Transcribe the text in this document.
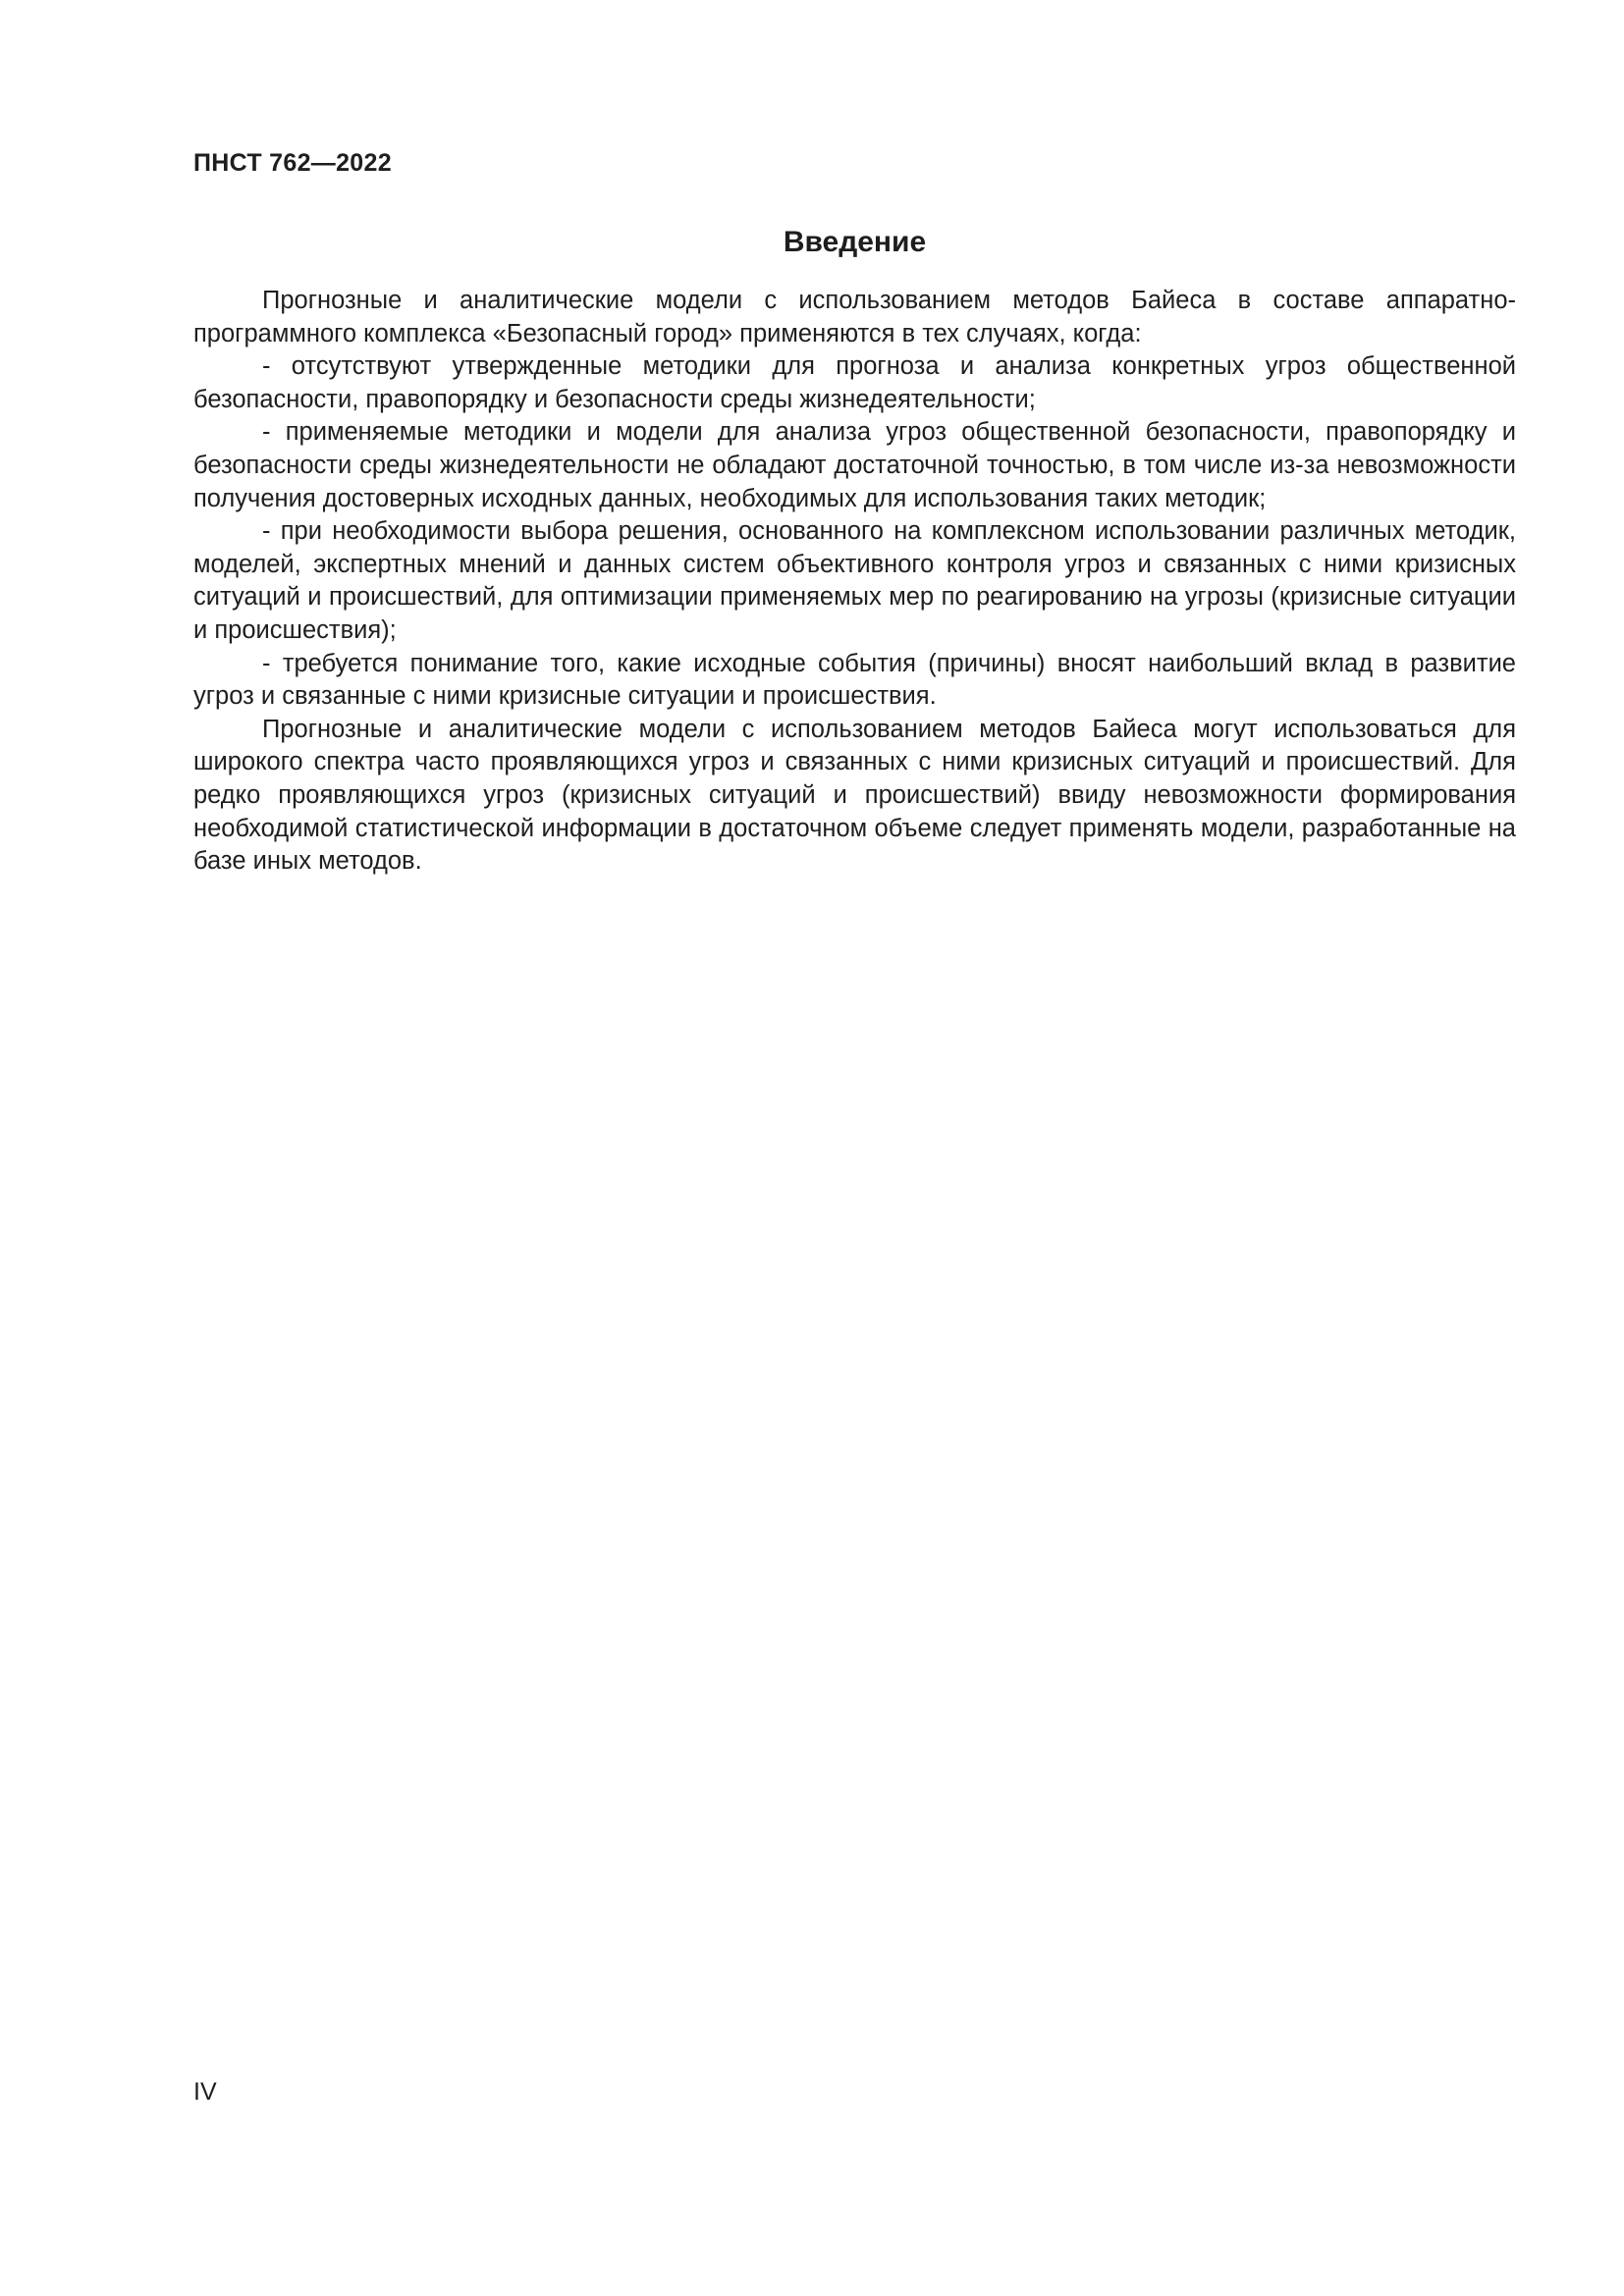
ПНСТ 762—2022
Введение

Прогнозные и аналитические модели с использованием методов Байеса в составе аппаратно-программного комплекса «Безопасный город» применяются в тех случаях, когда:

- отсутствуют утвержденные методики для прогноза и анализа конкретных угроз общественной безопасности, правопорядку и безопасности среды жизнедеятельности;

- применяемые методики и модели для анализа угроз общественной безопасности, правопорядку и безопасности среды жизнедеятельности не обладают достаточной точностью, в том числе из-за невозможности получения достоверных исходных данных, необходимых для использования таких методик;

- при необходимости выбора решения, основанного на комплексном использовании различных методик, моделей, экспертных мнений и данных систем объективного контроля угроз и связанных с ними кризисных ситуаций и происшествий, для оптимизации применяемых мер по реагированию на угрозы (кризисные ситуации и происшествия);

- требуется понимание того, какие исходные события (причины) вносят наибольший вклад в развитие угроз и связанные с ними кризисные ситуации и происшествия.

Прогнозные и аналитические модели с использованием методов Байеса могут использоваться для широкого спектра часто проявляющихся угроз и связанных с ними кризисных ситуаций и происшествий. Для редко проявляющихся угроз (кризисных ситуаций и происшествий) ввиду невозможности формирования необходимой статистической информации в достаточном объеме следует применять модели, разработанные на базе иных методов.

IV
